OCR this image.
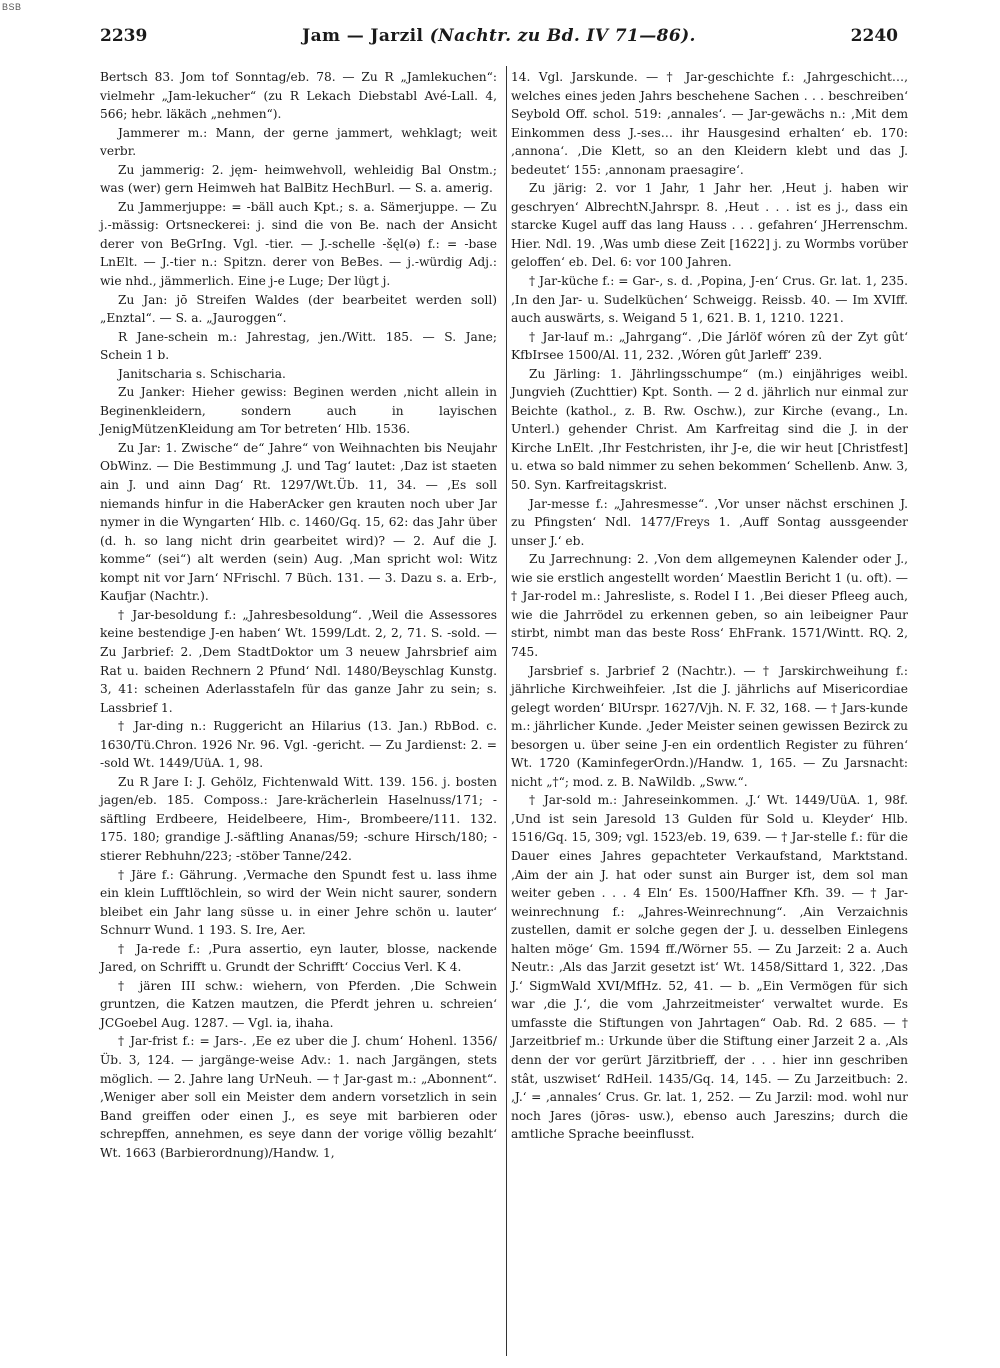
BSB
2239	Jam — Jarzil (Nachtr. zu Bd. IV 71—86).	2240

Bertsch 83. Jom tof Sonntag/eb. 78. — Zu R „Jamlekuchen“: vielmehr „Jam-lekucher“ (zu R Lekach Diebstabl Avé-Lall. 4, 566; hebr. läkäch „nehmen“).

Jammerer m.: Mann, der gerne jammert, wehklagt; weit verbr.

Zu jammerig: 2. jęm- heimwehvoll, wehleidig Bal Onstm.; was (wer) gern Heimweh hat BalBitz HechBurl. — S. a. amerig.

Zu Jammerjuppe: = -bäll auch Kpt.; s. a. Sämerjuppe. — Zu j.-mässig: Ortsneckerei: j. sind die von Be. nach der Ansicht derer von BeGrIng. Vgl. -tier. — J.-schelle -šęl(ə) f.: = -base LnElt. — J.-tier n.: Spitzn. derer von BeBes. — j.-würdig Adj.: wie nhd., jämmerlich. Eine j-e Luge; Der lügt j.

Zu Jan: jō Streifen Waldes (der bearbeitet werden soll) „Enztal“. — S. a. „Jauroggen“.

R Jane-schein m.: Jahrestag, jen./Witt. 185. — S. Jane; Schein 1 b.

Janitscharia s. Schischaria.

Zu Janker: Hieher gewiss: Beginen werden ‚nicht allein in Beginenkleidern, sondern auch in layischen JenigMützenKleidung am Tor betreten‘ Hlb. 1536.

Zu Jar: 1. Zwische“ de“ Jahre“ von Weihnachten bis Neujahr ObWinz. — Die Bestimmung ‚J. und Tag‘ lautet: ‚Daz ist staeten ain J. und ainn Dag‘ Rt. 1297/Wt.Üb. 11, 34. — ‚Es soll niemands hinfur in die HaberAcker gen krauten noch uber Jar nymer in die Wyngarten‘ Hlb. c. 1460/Gq. 15, 62: das Jahr über (d. h. so lang nicht drin gearbeitet wird)? — 2. Auf die J. komme“ (sei“) alt werden (sein) Aug. ‚Man spricht wol: Witz kompt nit vor Jarn‘ NFrischl. 7 Büch. 131. — 3. Dazu s. a. Erb-, Kaufjar (Nachtr.).

† Jar-besoldung f.: „Jahresbesoldung“. ‚Weil die Assessores keine bestendige J-en haben‘ Wt. 1599/Ldt. 2, 2, 71. S. -sold. — Zu Jarbrief: 2. ‚Dem StadtDoktor um 3 neuew Jahrsbrief aim Rat u. baiden Rechnern 2 Pfund‘ Ndl. 1480/Beyschlag Kunstg. 3, 41: scheinen Aderlasstafeln für das ganze Jahr zu sein; s. Lassbrief 1.

† Jar-ding n.: Ruggericht an Hilarius (13. Jan.) RbBod. c. 1630/Tü.Chron. 1926 Nr. 96. Vgl. -gericht. — Zu Jardienst: 2. = -sold Wt. 1449/UüA. 1, 98.

Zu R Jare I: J. Gehölz, Fichtenwald Witt. 139. 156. j. bosten jagen/eb. 185. Composs.: Jare-krächerlein Haselnuss/171; -säftling Erdbeere, Heidelbeere, Him-, Brombeere/111. 132. 175. 180; grandige J.-säftling Ananas/59; -schure Hirsch/180; -stierer Rebhuhn/223; -stöber Tanne/242.

† Järe f.: Gährung. ‚Vermache den Spundt fest u. lass ihme ein klein Lufftlöchlein, so wird der Wein nicht saurer, sondern bleibet ein Jahr lang süsse u. in einer Jehre schön u. lauter‘ Schnurr Wund. 1 193. S. Ire, Aer.

† Ja-rede f.: ‚Pura assertio, eyn lauter, blosse, nackende Jared, on Schrifft u. Grundt der Schrifft‘ Coccius Verl. K 4.

† jären III schw.: wiehern, von Pferden. ‚Die Schwein gruntzen, die Katzen mautzen, die Pferdt jehren u. schreien‘ JCGoebel Aug. 1287. — Vgl. ia, ihaha.

† Jar-frist f.: = Jars-. ‚Ee ez uber die J. chum‘ Hohenl. 1356/Üb. 3, 124. — jargänge-weise Adv.: 1. nach Jargängen, stets möglich. — 2. Jahre lang UrNeuh. — † Jar-gast m.: „Abonnent“. ‚Weniger aber soll ein Meister dem andern vorsetzlich in sein Band greiffen oder einen J., es seye mit barbieren oder schrepffen, annehmen, es seye dann der vorige völlig bezahlt‘ Wt. 1663 (Barbierordnung)/Handw. 1,

14. Vgl. Jarskunde. — † Jar-geschichte f.: ‚Jahrgeschicht…, welches eines jeden Jahrs beschehene Sachen . . . beschreiben‘ Seybold Off. schol. 519: ‚annales‘. — Jar-gewächs n.: ‚Mit dem Einkommen dess J.-ses… ihr Hausgesind erhalten‘ eb. 170: ‚annona‘. ‚Die Klett, so an den Kleidern klebt und das J. bedeutet‘ 155: ‚annonam praesagire‘.

Zu järig: 2. vor 1 Jahr, 1 Jahr her. ‚Heut j. haben wir geschryen‘ AlbrechtN.Jahrspr. 8. ‚Heut . . . ist es j., dass ein starcke Kugel auff das lang Hauss . . . gefahren‘ JHerrenschm. Hier. Ndl. 19. ‚Was umb diese Zeit [1622] j. zu Wormbs vorüber geloffen‘ eb. Del. 6: vor 100 Jahren.

† Jar-küche f.: = Gar-, s. d. ‚Popina, J-en‘ Crus. Gr. lat. 1, 235. ‚In den Jar- u. Sudelküchen‘ Schweigg. Reissb. 40. — Im XVIff. auch auswärts, s. Weigand 5 1, 621. B. 1, 1210. 1221.

† Jar-lauf m.: „Jahrgang“. ‚Die Járlöf wóren zû der Zyt gût‘ KfbIrsee 1500/Al. 11, 232. ‚Wóren gût Jarleff‘ 239.

Zu Järling: 1. Jährlingsschumpe“ (m.) einjähriges weibl. Jungvieh (Zuchttier) Kpt. Sonth. — 2 d. jährlich nur einmal zur Beichte (kathol., z. B. Rw. Oschw.), zur Kirche (evang., Ln. Unterl.) gehender Christ. Am Karfreitag sind die J. in der Kirche LnElt. ‚Ihr Festchristen, ihr J-e, die wir heut [Christfest] u. etwa so bald nimmer zu sehen bekommen‘ Schellenb. Anw. 3, 50. Syn. Karfreitagskrist.

Jar-messe f.: „Jahresmesse“. ‚Vor unser nächst erschinen J. zu Pfingsten‘ Ndl. 1477/Freys 1. ‚Auff Sontag aussgeender unser J.‘ eb.

Zu Jarrechnung: 2. ‚Von dem allgemeynen Kalender oder J., wie sie erstlich angestellt worden‘ Maestlin Bericht 1 (u. oft). — † Jar-rodel m.: Jahresliste, s. Rodel I 1. ‚Bei dieser Pfleeg auch, wie die Jahrrödel zu erkennen geben, so ain leibeigner Paur stirbt, nimbt man das beste Ross‘ EhFrank. 1571/Wintt. RQ. 2, 745.

Jarsbrief s. Jarbrief 2 (Nachtr.). — † Jarskirchweihung f.: jährliche Kirchweihfeier. ‚Ist die J. jährlichs auf Misericordiae gelegt worden‘ BlUrspr. 1627/Vjh. N. F. 32, 168. — † Jars-kunde m.: jährlicher Kunde. ‚Jeder Meister seinen gewissen Bezirck zu besorgen u. über seine J-en ein ordentlich Register zu führen‘ Wt. 1720 (KaminfegerOrdn.)/Handw. 1, 165. — Zu Jarsnacht: nicht „†“; mod. z. B. NaWildb. „Sww.“.

† Jar-sold m.: Jahreseinkommen. ‚J.‘ Wt. 1449/UüA. 1, 98f. ‚Und ist sein Jaresold 13 Gulden für Sold u. Kleyder‘ Hlb. 1516/Gq. 15, 309; vgl. 1523/eb. 19, 639. — † Jar-stelle f.: für die Dauer eines Jahres gepachteter Verkaufstand, Marktstand. ‚Aim der ain J. hat oder sunst ain Burger ist, dem sol man weiter geben . . . 4 Eln‘ Es. 1500/Haffner Kfh. 39. — † Jar-weinrechnung f.: „Jahres-Weinrechnung“. ‚Ain Verzaichnis zustellen, damit er solche gegen der J. u. desselben Einlegens halten möge‘ Gm. 1594 ff./Wörner 55. — Zu Jarzeit: 2 a. Auch Neutr.: ‚Als das Jarzit gesetzt ist‘ Wt. 1458/Sittard 1, 322. ‚Das J.‘ SigmWald XVI/MfHz. 52, 41. — b. „Ein Vermögen für sich war ‚die J.‘, die vom ‚Jahrzeitmeister‘ verwaltet wurde. Es umfasste die Stiftungen von Jahrtagen“ Oab. Rd. 2 685. — † Jarzeitbrief m.: Urkunde über die Stiftung einer Jarzeit 2 a. ‚Als denn der vor gerürt Järzitbrieff, der . . . hier inn geschriben stât, uszwiset‘ RdHeil. 1435/Gq. 14, 145. — Zu Jarzeitbuch: 2. ‚J.‘ = ‚annales‘ Crus. Gr. lat. 1, 252. — Zu Jarzil: mod. wohl nur noch Jares (jōrəs- usw.), ebenso auch Jareszins; durch die amtliche Sprache beeinflusst.
